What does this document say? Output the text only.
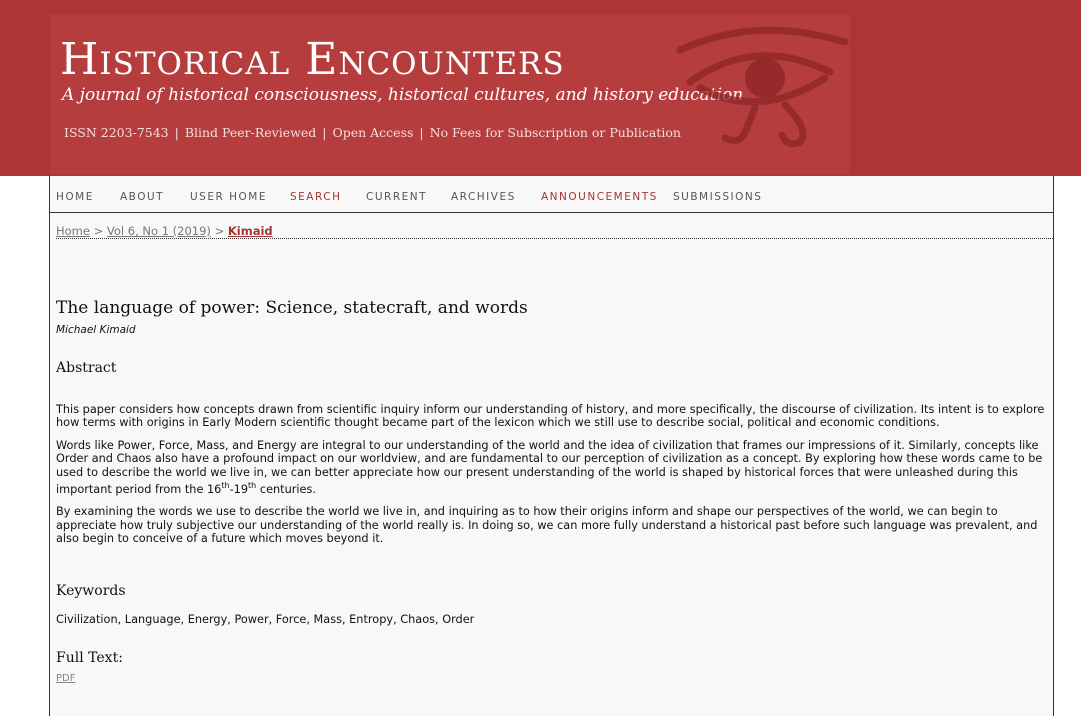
Historical Encounters
A journal of historical consciousness, historical cultures, and history education
ISSN 2203-7543 | Blind Peer-Reviewed | Open Access | No Fees for Subscription or Publication
HOME ABOUT USER HOME SEARCH CURRENT ARCHIVES ANNOUNCEMENTS SUBMISSIONS
Home > Vol 6, No 1 (2019) > Kimaid
The language of power: Science, statecraft, and words
Michael Kimaid
Abstract

This paper considers how concepts drawn from scientific inquiry inform our understanding of history, and more specifically, the discourse of civilization. Its intent is to explore how terms with origins in Early Modern scientific thought became part of the lexicon which we still use to describe social, political and economic conditions.

Words like Power, Force, Mass, and Energy are integral to our understanding of the world and the idea of civilization that frames our impressions of it. Similarly, concepts like Order and Chaos also have a profound impact on our worldview, and are fundamental to our perception of civilization as a concept. By exploring how these words came to be used to describe the world we live in, we can better appreciate how our present understanding of the world is shaped by historical forces that were unleashed during this important period from the 16th-19th centuries.

By examining the words we use to describe the world we live in, and inquiring as to how their origins inform and shape our perspectives of the world, we can begin to appreciate how truly subjective our understanding of the world really is. In doing so, we can more fully understand a historical past before such language was prevalent, and also begin to conceive of a future which moves beyond it.

Keywords
Civilization, Language, Energy, Power, Force, Mass, Entropy, Chaos, Order
Full Text:
PDF
